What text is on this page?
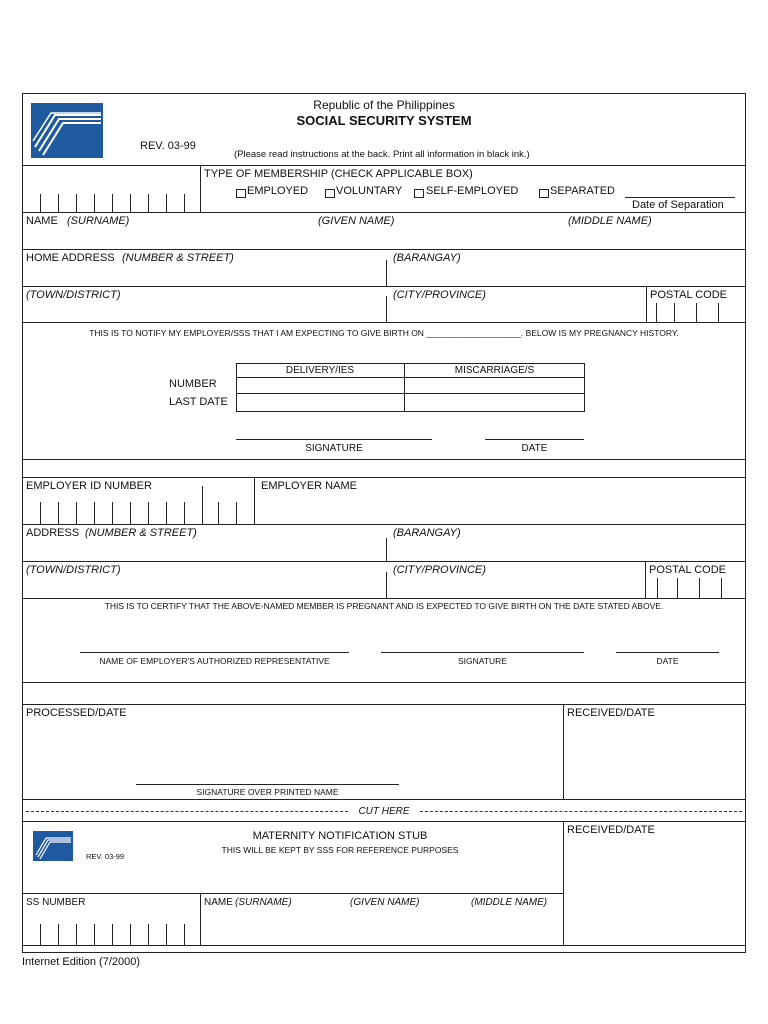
Republic of the Philippines
SOCIAL SECURITY SYSTEM
REV. 03-99
(Please read instructions at the back. Print all information in black ink.)
TYPE OF MEMBERSHIP (CHECK APPLICABLE BOX)
EMPLOYED	VOLUNTARY SELF-EMPLOYED	SEPARATED
Date of Separation
NAME (SURNAME)	(GIVEN NAME)	(MIDDLE NAME)
HOME ADDRESS (NUMBER & STREET)	(BARANGAY)
(TOWN/DISTRICT)	(CITY/PROVINCE)	POSTAL CODE
THIS IS TO NOTIFY MY EMPLOYER/SSS THAT I AM EXPECTING TO GIVE BIRTH ON ____________________. BELOW IS MY PREGNANCY HISTORY.
DELIVERY/IES	MISCARRIAGE/S
NUMBER
LAST DATE
SIGNATURE	DATE
EMPLOYER ID NUMBER	EMPLOYER NAME
ADDRESS (NUMBER & STREET)	(BARANGAY)
(TOWN/DISTRICT)	(CITY/PROVINCE)	POSTAL CODE
THIS IS TO CERTIFY THAT THE ABOVE-NAMED MEMBER IS PREGNANT AND IS EXPECTED TO GIVE BIRTH ON THE DATE STATED ABOVE.
NAME OF EMPLOYER'S AUTHORIZED REPRESENTATIVE	SIGNATURE	DATE
PROCESSED/DATE	RECEIVED/DATE
SIGNATURE OVER PRINTED NAME
CUT HERE
REV. 03-99
MATERNITY NOTIFICATION STUB
THIS WILL BE KEPT BY SSS FOR REFERENCE PURPOSES
RECEIVED/DATE
SS NUMBER	NAME (SURNAME)	(GIVEN NAME)	(MIDDLE NAME)
Internet Edition (7/2000)
